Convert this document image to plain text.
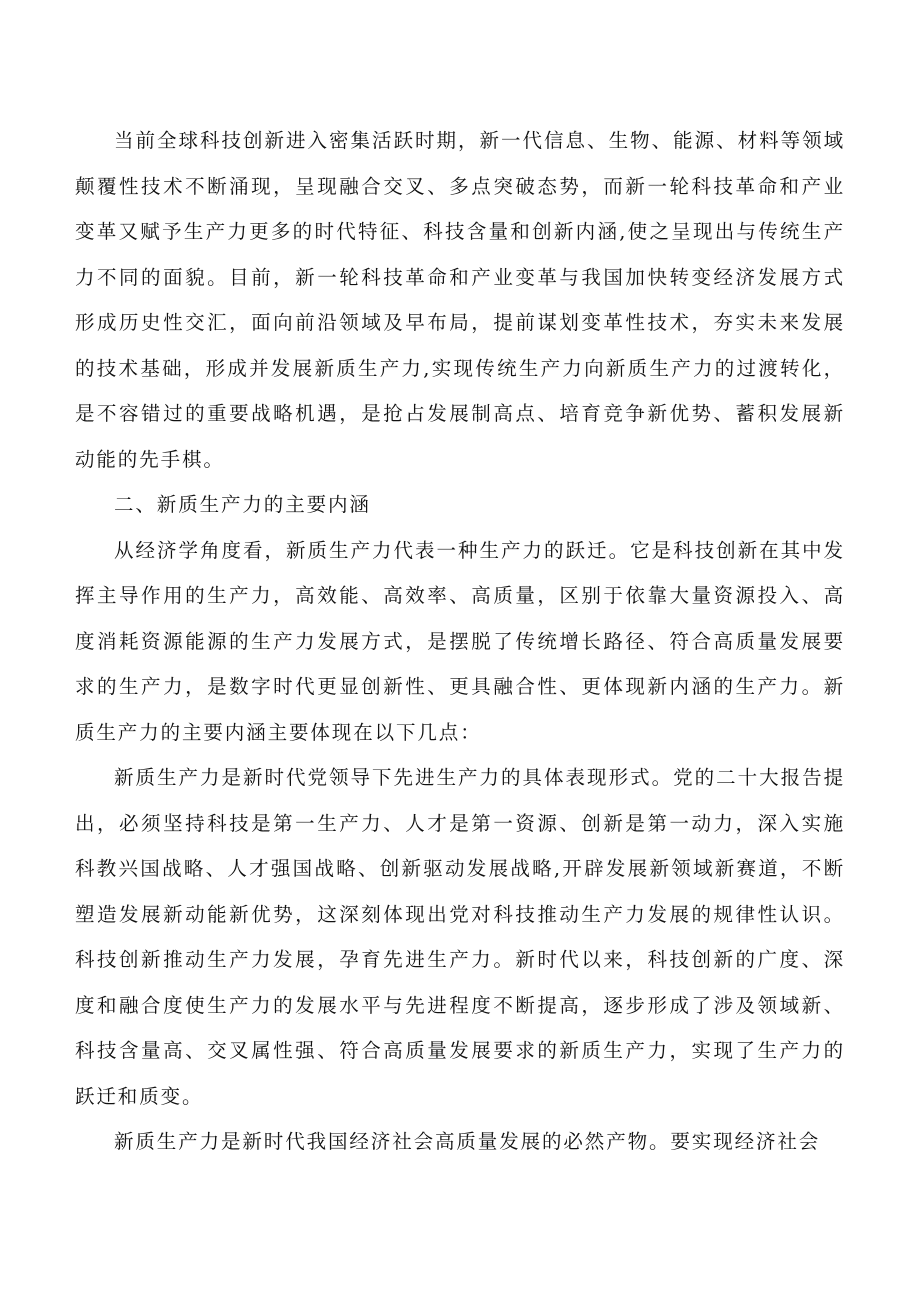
当前全球科技创新进入密集活跃时期，新一代信息、生物、能源、材料等领域颠覆性技术不断涌现，呈现融合交叉、多点突破态势，而新一轮科技革命和产业变革又赋予生产力更多的时代特征、科技含量和创新内涵,使之呈现出与传统生产力不同的面貌。目前，新一轮科技革命和产业变革与我国加快转变经济发展方式形成历史性交汇，面向前沿领域及早布局，提前谋划变革性技术，夯实未来发展的技术基础，形成并发展新质生产力,实现传统生产力向新质生产力的过渡转化，是不容错过的重要战略机遇，是抢占发展制高点、培育竞争新优势、蓄积发展新动能的先手棋。

二、新质生产力的主要内涵

从经济学角度看，新质生产力代表一种生产力的跃迁。它是科技创新在其中发挥主导作用的生产力，高效能、高效率、高质量，区别于依靠大量资源投入、高度消耗资源能源的生产力发展方式，是摆脱了传统增长路径、符合高质量发展要求的生产力，是数字时代更显创新性、更具融合性、更体现新内涵的生产力。新质生产力的主要内涵主要体现在以下几点：

新质生产力是新时代党领导下先进生产力的具体表现形式。党的二十大报告提出，必须坚持科技是第一生产力、人才是第一资源、创新是第一动力，深入实施科教兴国战略、人才强国战略、创新驱动发展战略,开辟发展新领域新赛道，不断塑造发展新动能新优势，这深刻体现出党对科技推动生产力发展的规律性认识。科技创新推动生产力发展，孕育先进生产力。新时代以来，科技创新的广度、深度和融合度使生产力的发展水平与先进程度不断提高，逐步形成了涉及领域新、科技含量高、交叉属性强、符合高质量发展要求的新质生产力，实现了生产力的跃迁和质变。

新质生产力是新时代我国经济社会高质量发展的必然产物。要实现经济社会
